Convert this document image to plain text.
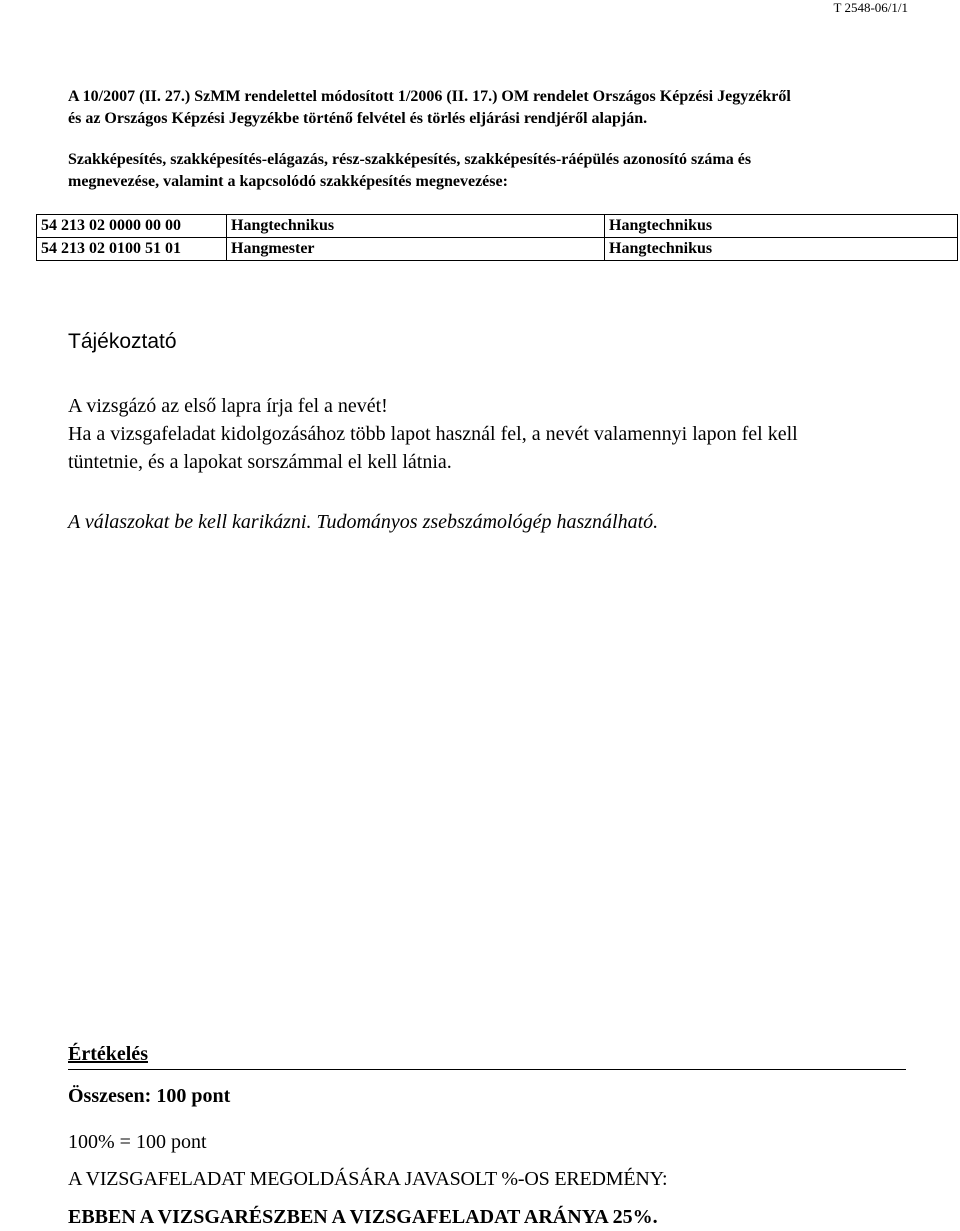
T 2548-06/1/1
A 10/2007 (II. 27.) SzMM rendelettel módosított 1/2006 (II. 17.) OM rendelet Országos Képzési Jegyzékről
és az Országos Képzési Jegyzékbe történő felvétel és törlés eljárási rendjéről alapján.
Szakképesítés, szakképesítés-elágazás, rész-szakképesítés, szakképesítés-ráépülés azonosító száma és
megnevezése, valamint a kapcsolódó szakképesítés megnevezése:
54 213 02 0000 00 00	Hangtechnikus	Hangtechnikus
54 213 02 0100 51 01	Hangmester	Hangtechnikus
Tájékoztató
A vizsgázó az első lapra írja fel a nevét!
Ha a vizsgafeladat kidolgozásához több lapot használ fel, a nevét valamennyi lapon fel kell
tüntetnie, és a lapokat sorszámmal el kell látnia.
A válaszokat be kell karikázni. Tudományos zsebszámológép használható.
Értékelés
Összesen: 100 pont
100% = 100 pont
A VIZSGAFELADAT MEGOLDÁSÁRA JAVASOLT %-OS EREDMÉNY:
EBBEN A VIZSGARÉSZBEN A VIZSGAFELADAT ARÁNYA 25%.
